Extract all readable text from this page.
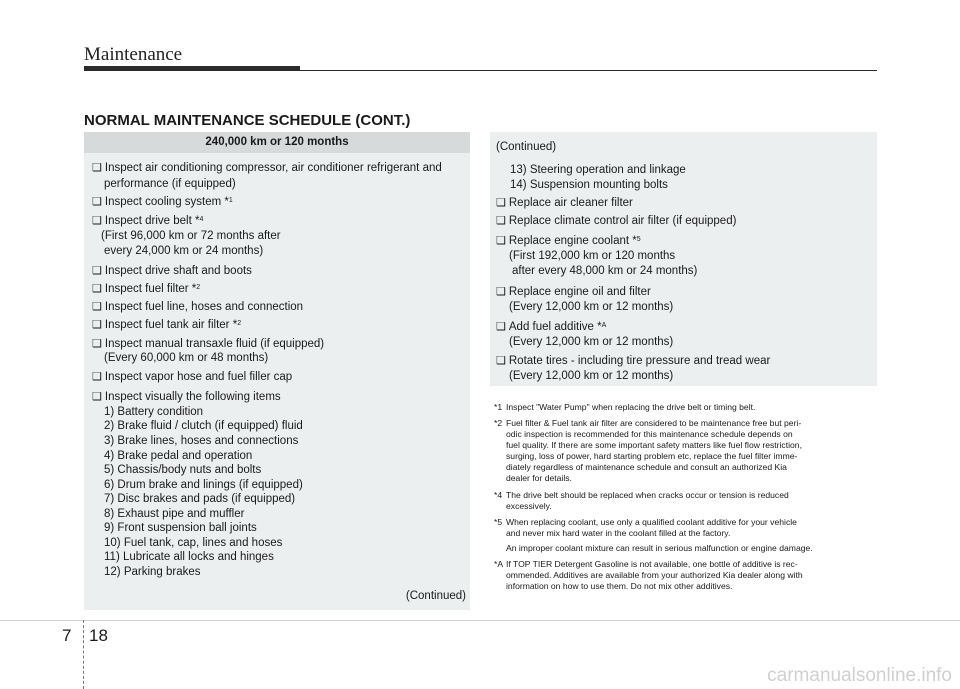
Maintenance
NORMAL MAINTENANCE SCHEDULE (CONT.)
240,000 km or 120 months
❑ Inspect air conditioning compressor, air conditioner refrigerant and
performance (if equipped)
❑ Inspect cooling system *$^1$
❑ Inspect drive belt *$^4$
(First 96,000 km or 72 months after
every 24,000 km or 24 months)
❑ Inspect drive shaft and boots
❑ Inspect fuel filter *$^2$
❑ Inspect fuel line, hoses and connection
❑ Inspect fuel tank air filter *$^2$
❑ Inspect manual transaxle fluid (if equipped)
(Every 60,000 km or 48 months)
❑ Inspect vapor hose and fuel filler cap
❑ Inspect visually the following items
1) Battery condition
2) Brake fluid / clutch (if equipped) fluid
3) Brake lines, hoses and connections
4) Brake pedal and operation
5) Chassis/body nuts and bolts
6) Drum brake and linings (if equipped)
7) Disc brakes and pads (if equipped)
8) Exhaust pipe and muffler
9) Front suspension ball joints
10) Fuel tank, cap, lines and hoses
11) Lubricate all locks and hinges
12) Parking brakes
(Continued)
(Continued)
13) Steering operation and linkage
14) Suspension mounting bolts
❑ Replace air cleaner filter
❑ Replace climate control air filter (if equipped)
❑ Replace engine coolant *$^5$
(First 192,000 km or 120 months
after every 48,000 km or 24 months)
❑ Replace engine oil and filter
(Every 12,000 km or 12 months)
❑ Add fuel additive *$^A$
(Every 12,000 km or 12 months)
❑ Rotate tires - including tire pressure and tread wear
(Every 12,000 km or 12 months)
*1 Inspect "Water Pump" when replacing the drive belt or timing belt.
*2 Fuel filter & Fuel tank air filter are considered to be maintenance free but peri-
odic inspection is recommended for this maintenance schedule depends on
fuel quality. If there are some important safety matters like fuel flow restriction,
surging, loss of power, hard starting problem etc, replace the fuel filter imme-
diately regardless of maintenance schedule and consult an authorized Kia
dealer for details.
*4 The drive belt should be replaced when cracks occur or tension is reduced
excessively.
*5 When replacing coolant, use only a qualified coolant additive for your vehicle
and never mix hard water in the coolant filled at the factory.
An improper coolant mixture can result in serious malfunction or engine damage.
*A If TOP TIER Detergent Gasoline is not available, one bottle of additive is rec-
ommended. Additives are available from your authorized Kia dealer along with
information on how to use them. Do not mix other additives.
7 18
carmanualsonline.info
